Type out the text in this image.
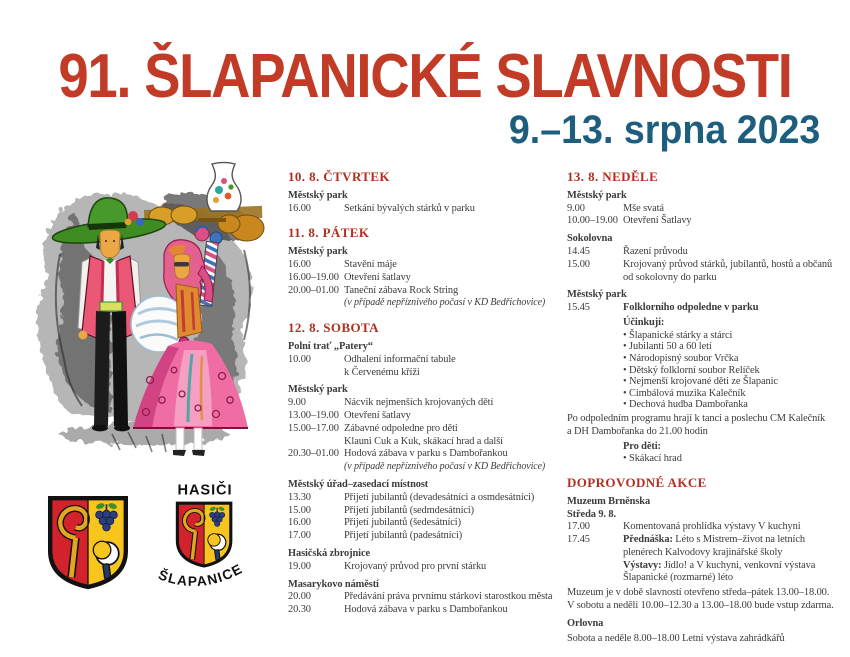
91. ŠLAPANICKÉ SLAVNOSTI
9.–13. srpna 2023
HASIČI
ŠLAPANICE
10. 8. ČTVRTEK
Městský park
16.00	Setkání bývalých stárků v parku
11. 8. PÁTEK
Městský park
16.00	Stavění máje
16.00–19.00 Otevření šatlavy
20.00–01.00 Taneční zábava Rock String
(v případě nepříznivého počasí v KD Bedřichovice)
12. 8. SOBOTA
Polní trať „Patery“
10.00	Odhalení informační tabule
k Červenému kříži
Městský park
9.00	Nácvik nejmenších krojovaných dětí
13.00–19.00 Otevření šatlavy
15.00–17.00 Zábavné odpoledne pro děti
Klauni Cuk a Kuk, skákací hrad a další
20.30–01.00 Hodová zábava v parku s Dambořankou
(v případě nepříznivého počasí v KD Bedřichovice)
Městský úřad–zasedací místnost
13.30	Přijetí jubilantů (devadesátníci a osmdesátníci)
15.00	Přijetí jubilantů (sedmdesátníci)
16.00	Přijetí jubilantů (šedesátníci)
17.00	Přijetí jubilantů (padesátníci)
Hasičská zbrojnice
19.00	Krojovaný průvod pro první stárku
Masarykovo náměstí
20.00	Předávání práva prvnímu stárkovi starostkou města
20.30	Hodová zábava v parku s Dambořankou
13. 8. NEDĚLE
Městský park
9.00	Mše svatá
10.00–19.00 Otevření Šatlavy
Sokolovna
14.45	Řazení průvodu
15.00	Krojovaný průvod stárků, jubilantů, hostů a občanů
od sokolovny do parku
Městský park
15.45	Folklorního odpoledne v parku
Účinkují:
• Šlapanické stárky a stárci
• Jubilanti 50 a 60 letí
• Národopisný soubor Vrčka
• Dětský folklorní soubor Relíček
• Nejmenší krojované děti ze Šlapanic
• Cimbálová muzika Kalečník
• Dechová hudba Dambořanka
Po odpoledním programu hrají k tanci a poslechu CM Kalečník
a DH Dambořanka do 21.00 hodin
Pro děti:
• Skákací hrad
DOPROVODNÉ AKCE
Muzeum Brněnska
Středa 9. 8.
17.00	Komentovaná prohlídka výstavy V kuchyni
17.45	Přednáška: Léto s Mistrem–život na letních
plenérech Kalvodovy krajinářské školy
Výstavy: Jídlo! a V kuchyni, venkovní výstava
Šlapanické (rozmarné) léto
Muzeum je v době slavností otevřeno středa–pátek 13.00–18.00.
V sobotu a neděli 10.00–12.30 a 13.00–18.00 bude vstup zdarma.
Orlovna
Sobota a neděle 8.00–18.00 Letní výstava zahrádkářů
